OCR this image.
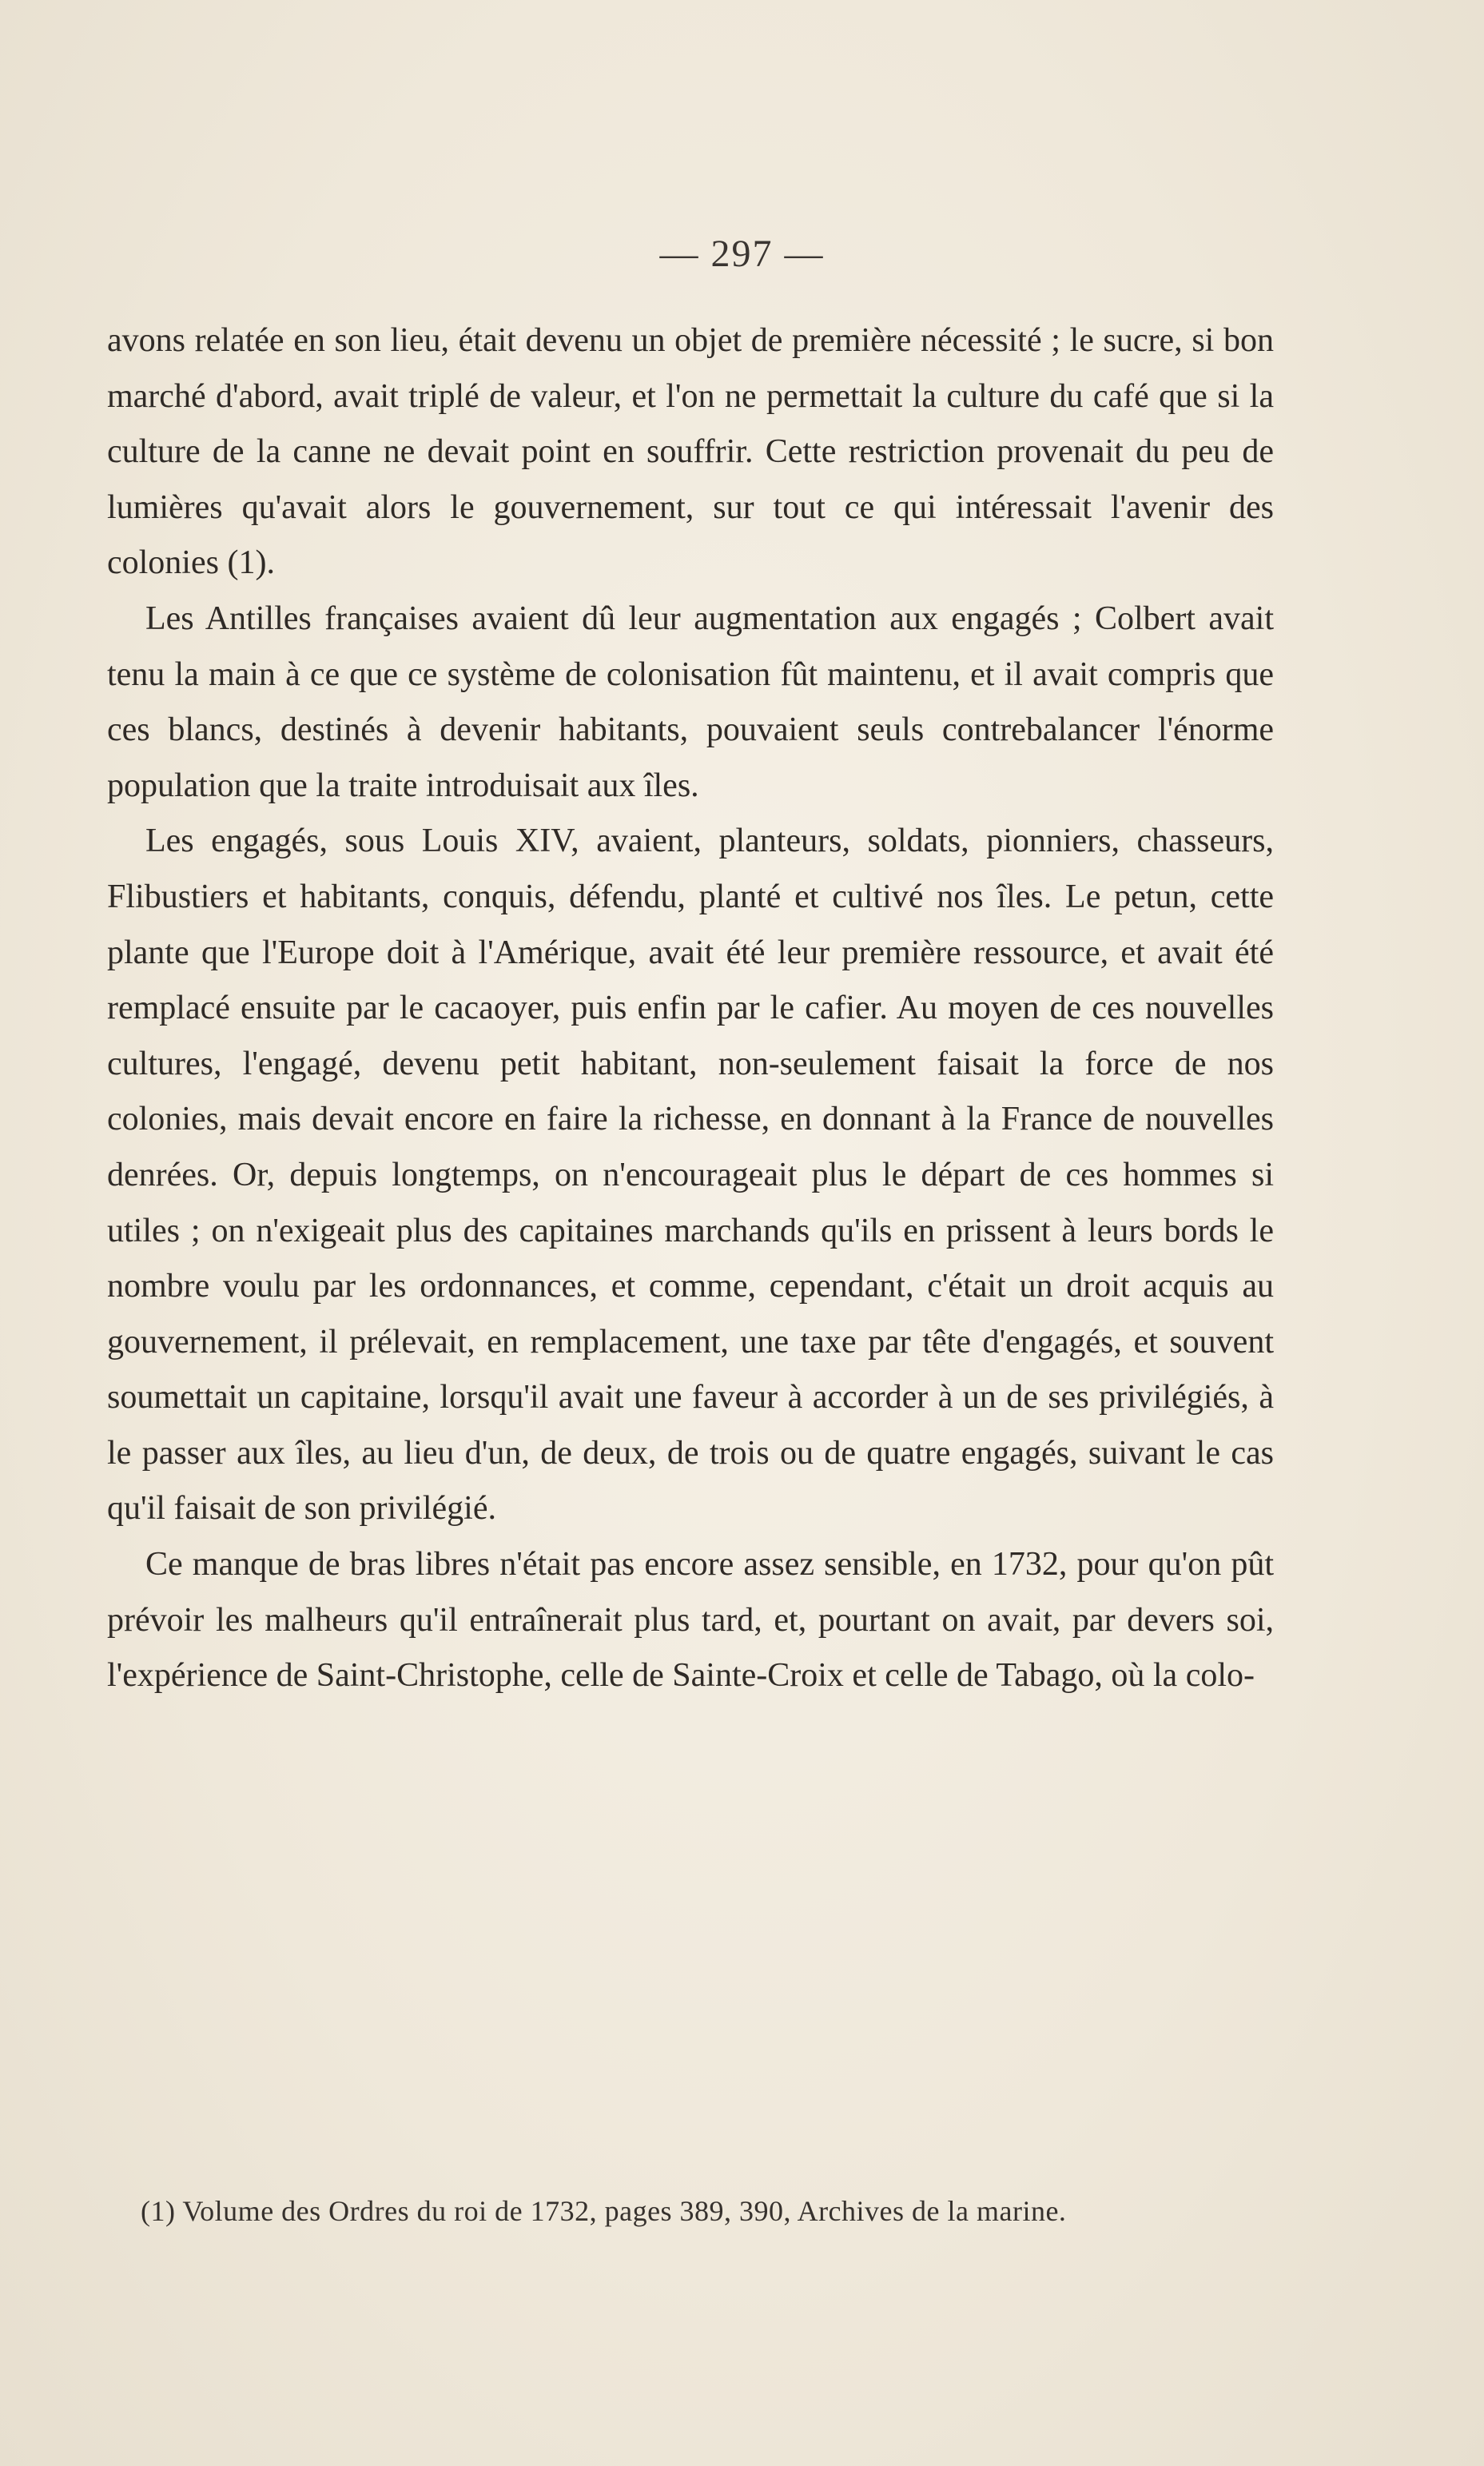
— 297 —

avons relatée en son lieu, était devenu un objet de première nécessité ; le sucre, si bon marché d'abord, avait triplé de valeur, et l'on ne permettait la culture du café que si la culture de la canne ne devait point en souffrir. Cette restriction provenait du peu de lumières qu'avait alors le gouvernement, sur tout ce qui intéressait l'avenir des colonies (1).

Les Antilles françaises avaient dû leur augmentation aux engagés ; Colbert avait tenu la main à ce que ce système de colonisation fût maintenu, et il avait compris que ces blancs, destinés à devenir habitants, pouvaient seuls contrebalancer l'énorme population que la traite introduisait aux îles.

Les engagés, sous Louis XIV, avaient, planteurs, soldats, pionniers, chasseurs, Flibustiers et habitants, conquis, défendu, planté et cultivé nos îles. Le petun, cette plante que l'Europe doit à l'Amérique, avait été leur première ressource, et avait été remplacé ensuite par le cacaoyer, puis enfin par le cafier. Au moyen de ces nouvelles cultures, l'engagé, devenu petit habitant, non-seulement faisait la force de nos colonies, mais devait encore en faire la richesse, en donnant à la France de nouvelles denrées. Or, depuis longtemps, on n'encourageait plus le départ de ces hommes si utiles ; on n'exigeait plus des capitaines marchands qu'ils en prissent à leurs bords le nombre voulu par les ordonnances, et comme, cependant, c'était un droit acquis au gouvernement, il prélevait, en remplacement, une taxe par tête d'engagés, et souvent soumettait un capitaine, lorsqu'il avait une faveur à accorder à un de ses privilégiés, à le passer aux îles, au lieu d'un, de deux, de trois ou de quatre engagés, suivant le cas qu'il faisait de son privilégié.

Ce manque de bras libres n'était pas encore assez sensible, en 1732, pour qu'on pût prévoir les malheurs qu'il entraînerait plus tard, et, pourtant on avait, par devers soi, l'expérience de Saint-Christophe, celle de Sainte-Croix et celle de Tabago, où la colo-

(1) Volume des Ordres du roi de 1732, pages 389, 390, Archives de la marine.
